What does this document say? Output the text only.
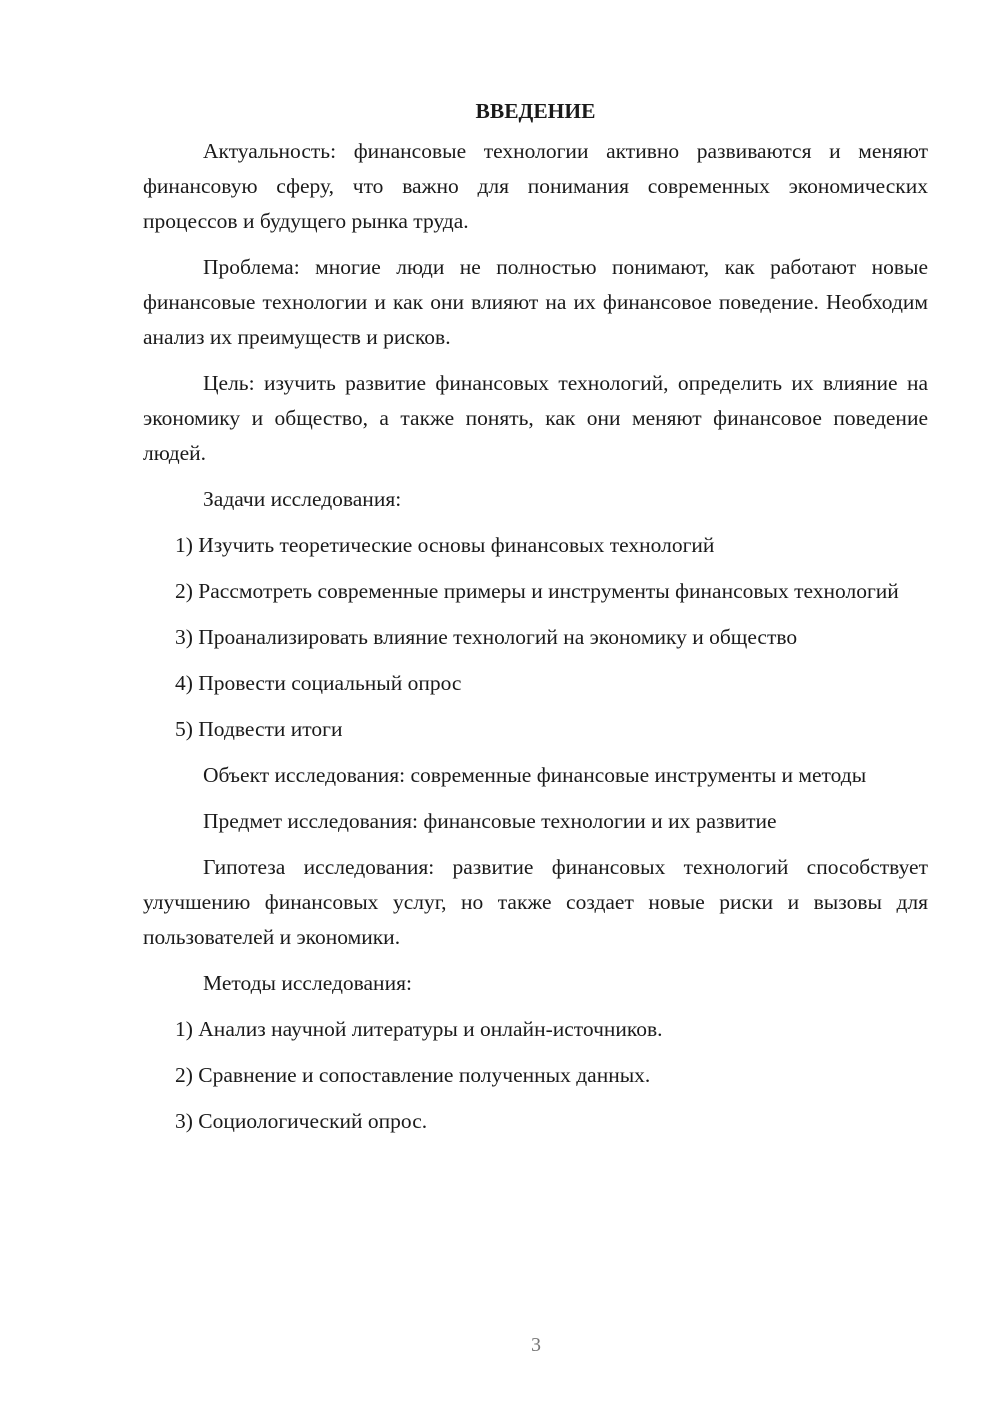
ВВЕДЕНИЕ

Актуальность: финансовые технологии активно развиваются и меняют финансовую сферу, что важно для понимания современных экономических процессов и будущего рынка труда.

Проблема: многие люди не полностью понимают, как работают новые финансовые технологии и как они влияют на их финансовое поведение. Необходим анализ их преимуществ и рисков.

Цель: изучить развитие финансовых технологий, определить их влияние на экономику и общество, а также понять, как они меняют финансовое поведение людей.

Задачи исследования:

1) Изучить теоретические основы финансовых технологий

2) Рассмотреть современные примеры и инструменты финансовых технологий

3) Проанализировать влияние технологий на экономику и общество

4) Провести социальный опрос

5) Подвести итоги

Объект исследования: современные финансовые инструменты и методы

Предмет исследования: финансовые технологии и их развитие

Гипотеза исследования: развитие финансовых технологий способствует улучшению финансовых услуг, но также создает новые риски и вызовы для пользователей и экономики.

Методы исследования:

1) Анализ научной литературы и онлайн-источников.

2) Сравнение и сопоставление полученных данных.

3) Социологический опрос.

3
